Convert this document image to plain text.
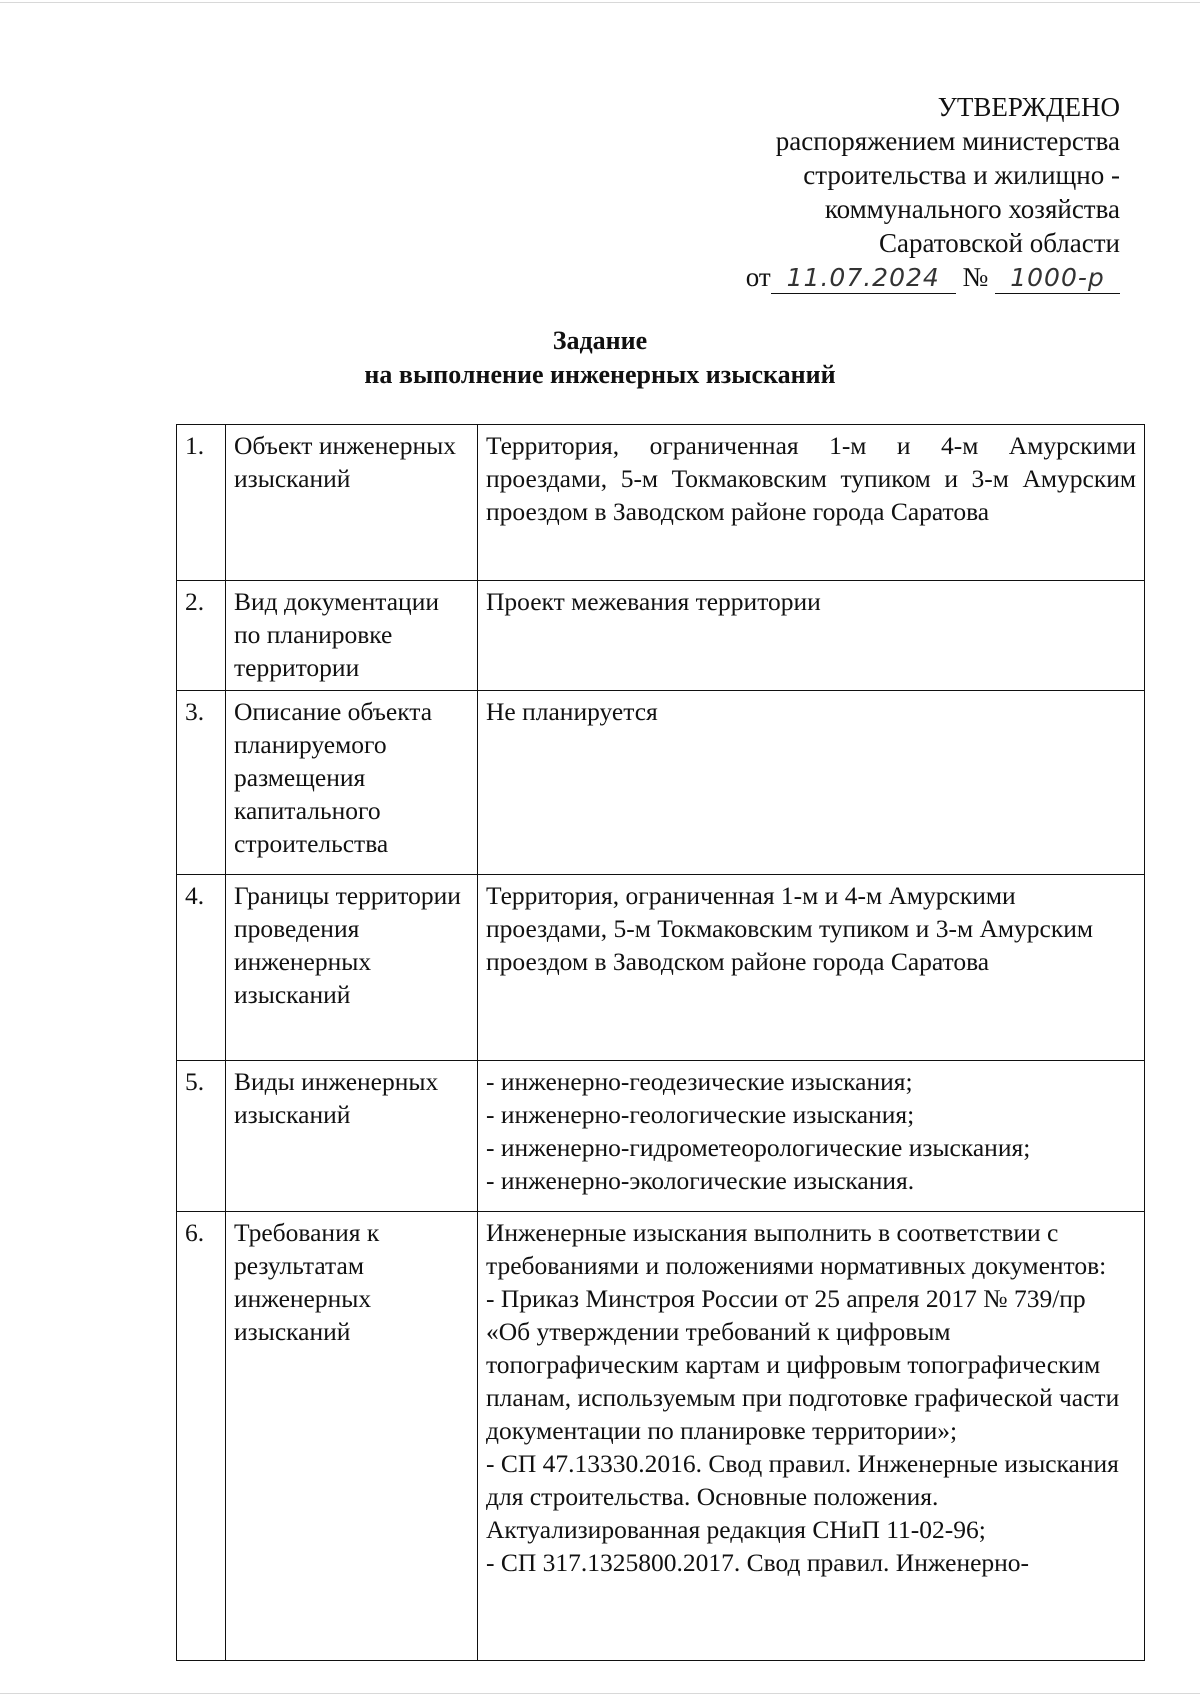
УТВЕРЖДЕНО
распоряжением министерства
строительства и жилищно -
коммунального хозяйства
Саратовской области
от 11.07.2024 № 1000-р
Задание
на выполнение инженерных изысканий
1.	Объект инженерных изысканий	Территория, ограниченная 1-м и 4-м Амурскими проездами, 5-м Токмаковским тупиком и 3-м Амурским проездом в Заводском районе города Саратова

2.	Вид документации по планировке территории	Проект межевания территории

3.	Описание объекта планируемого размещения капитального строительства	Не планируется

4.	Границы территории проведения инженерных изысканий	Территория, ограниченная 1-м и 4-м Амурскими проездами, 5-м Токмаковским тупиком и 3-м Амурским проездом в Заводском районе города Саратова

5.	Виды инженерных изысканий	- инженерно-геодезические изыскания;
- инженерно-геологические изыскания;
- инженерно-гидрометеорологические изыскания;
- инженерно-экологические изыскания.

6.	Требования к результатам инженерных изысканий	Инженерные изыскания выполнить в соответствии с требованиями и положениями нормативных документов:
- Приказ Минстроя России от 25 апреля 2017 № 739/пр «Об утверждении требований к цифровым топографическим картам и цифровым топографическим планам, используемым при подготовке графической части документации по планировке территории»;
- СП 47.13330.2016. Свод правил. Инженерные изыскания для строительства. Основные положения. Актуализированная редакция СНиП 11-02-96;
- СП 317.1325800.2017. Свод правил. Инженерно-
